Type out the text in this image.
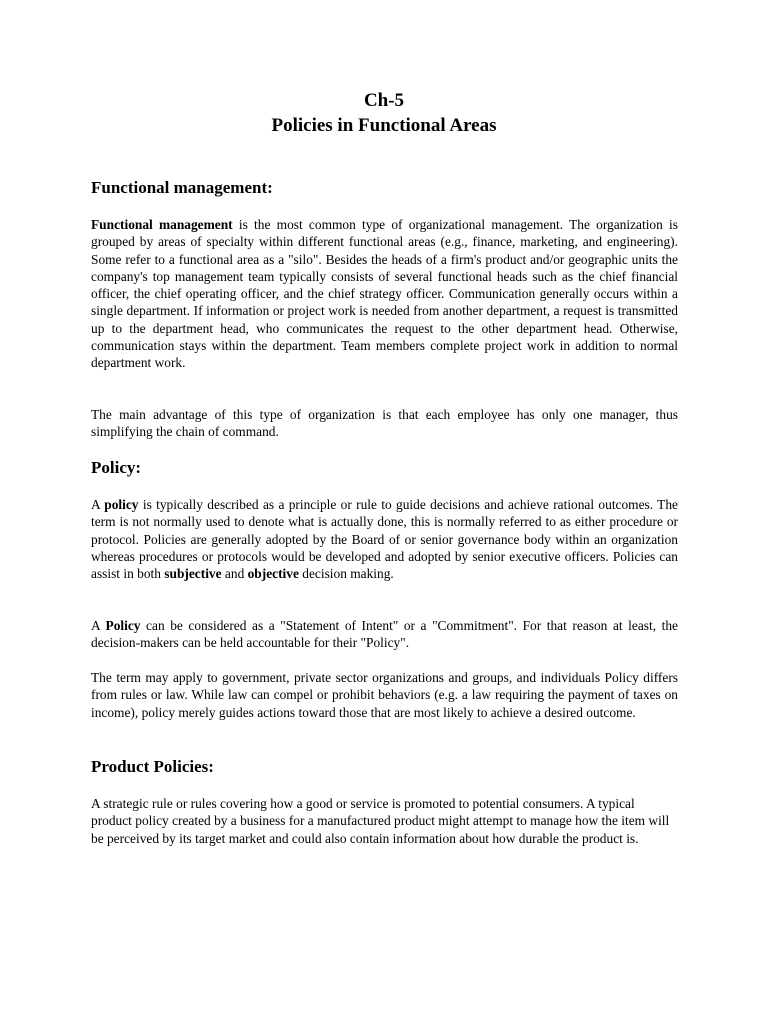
Ch-5
Policies in Functional Areas
Functional management:

Functional management is the most common type of organizational management. The organization is grouped by areas of specialty within different functional areas (e.g., finance, marketing, and engineering). Some refer to a functional area as a "silo". Besides the heads of a firm's product and/or geographic units the company's top management team typically consists of several functional heads such as the chief financial officer, the chief operating officer, and the chief strategy officer. Communication generally occurs within a single department. If information or project work is needed from another department, a request is transmitted up to the department head, who communicates the request to the other department head. Otherwise, communication stays within the department. Team members complete project work in addition to normal department work.

The main advantage of this type of organization is that each employee has only one manager, thus simplifying the chain of command.

Policy:

A policy is typically described as a principle or rule to guide decisions and achieve rational outcomes. The term is not normally used to denote what is actually done, this is normally referred to as either procedure or protocol. Policies are generally adopted by the Board of or senior governance body within an organization whereas procedures or protocols would be developed and adopted by senior executive officers. Policies can assist in both subjective and objective decision making.

A Policy can be considered as a "Statement of Intent" or a "Commitment". For that reason at least, the decision-makers can be held accountable for their "Policy".

The term may apply to government, private sector organizations and groups, and individuals Policy differs from rules or law. While law can compel or prohibit behaviors (e.g. a law requiring the payment of taxes on income), policy merely guides actions toward those that are most likely to achieve a desired outcome.

Product Policies:

A strategic rule or rules covering how a good or service is promoted to potential consumers. A typical product policy created by a business for a manufactured product might attempt to manage how the item will be perceived by its target market and could also contain information about how durable the product is.
